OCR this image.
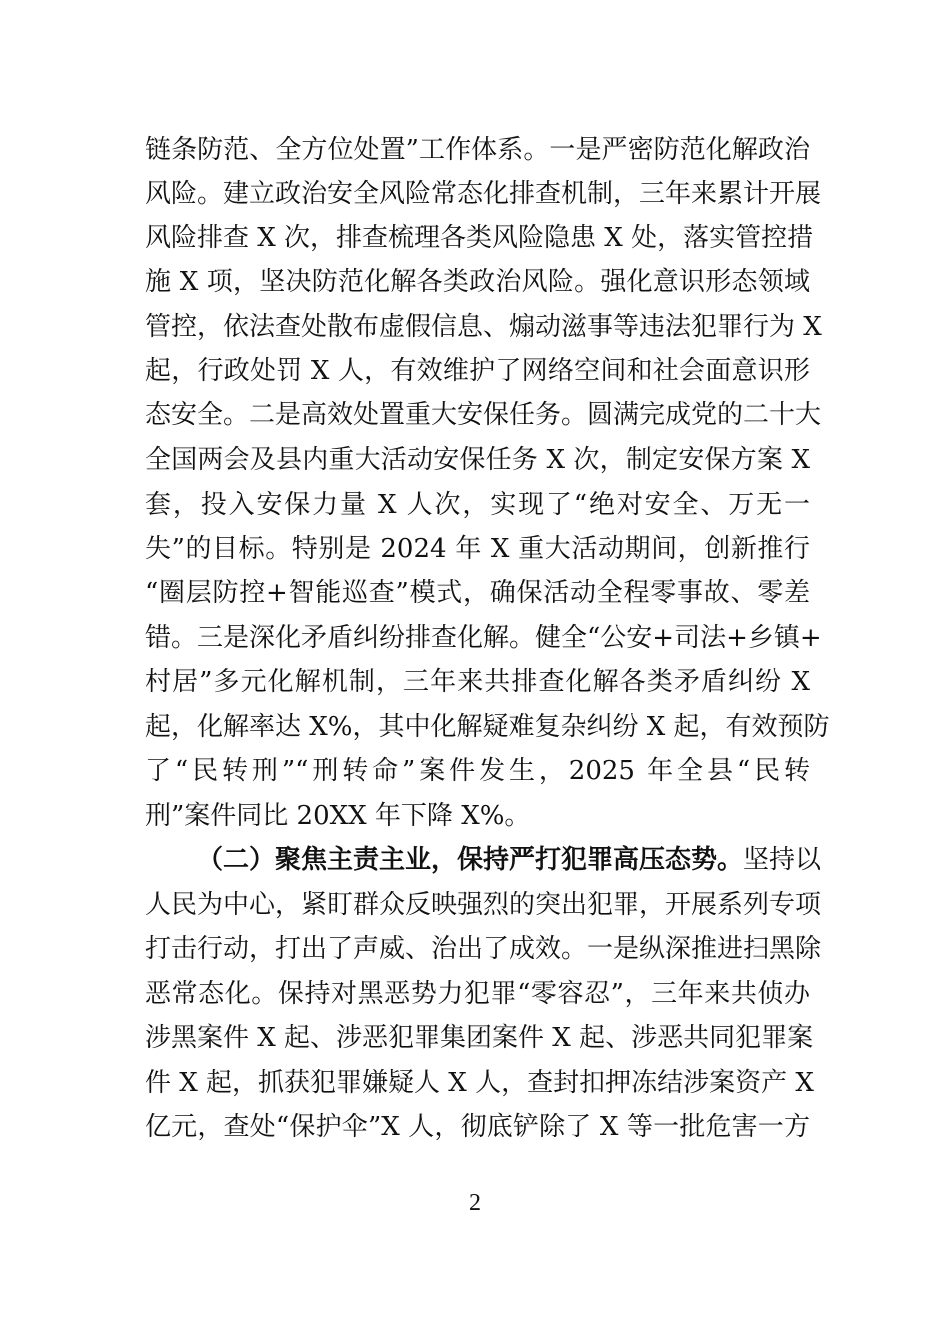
链条防范、全方位处置”工作体系。一是严密防范化解政治
风险。建立政治安全风险常态化排查机制，三年来累计开展
风险排查 X 次，排查梳理各类风险隐患 X 处，落实管控措
施 X 项，坚决防范化解各类政治风险。强化意识形态领域
管控，依法查处散布虚假信息、煽动滋事等违法犯罪行为 X
起，行政处罚 X 人，有效维护了网络空间和社会面意识形
态安全。二是高效处置重大安保任务。圆满完成党的二十大
全国两会及县内重大活动安保任务 X 次，制定安保方案 X
套，投入安保力量 X 人次，实现了“绝对安全、万无一
失”的目标。特别是 2024 年 X 重大活动期间，创新推行
“圈层防控+智能巡查”模式，确保活动全程零事故、零差
错。三是深化矛盾纠纷排查化解。健全“公安+司法+乡镇+
村居”多元化解机制，三年来共排查化解各类矛盾纠纷 X
起，化解率达 X%，其中化解疑难复杂纠纷 X 起，有效预防
了“民转刑”“刑转命”案件发生，2025 年全县“民转
刑”案件同比 20XX 年下降 X%。
（二）聚焦主责主业，保持严打犯罪高压态势。坚持以
人民为中心，紧盯群众反映强烈的突出犯罪，开展系列专项
打击行动，打出了声威、治出了成效。一是纵深推进扫黑除
恶常态化。保持对黑恶势力犯罪“零容忍”，三年来共侦办
涉黑案件 X 起、涉恶犯罪集团案件 X 起、涉恶共同犯罪案
件 X 起，抓获犯罪嫌疑人 X 人，查封扣押冻结涉案资产 X
亿元，查处“保护伞”X 人，彻底铲除了 X 等一批危害一方
2
